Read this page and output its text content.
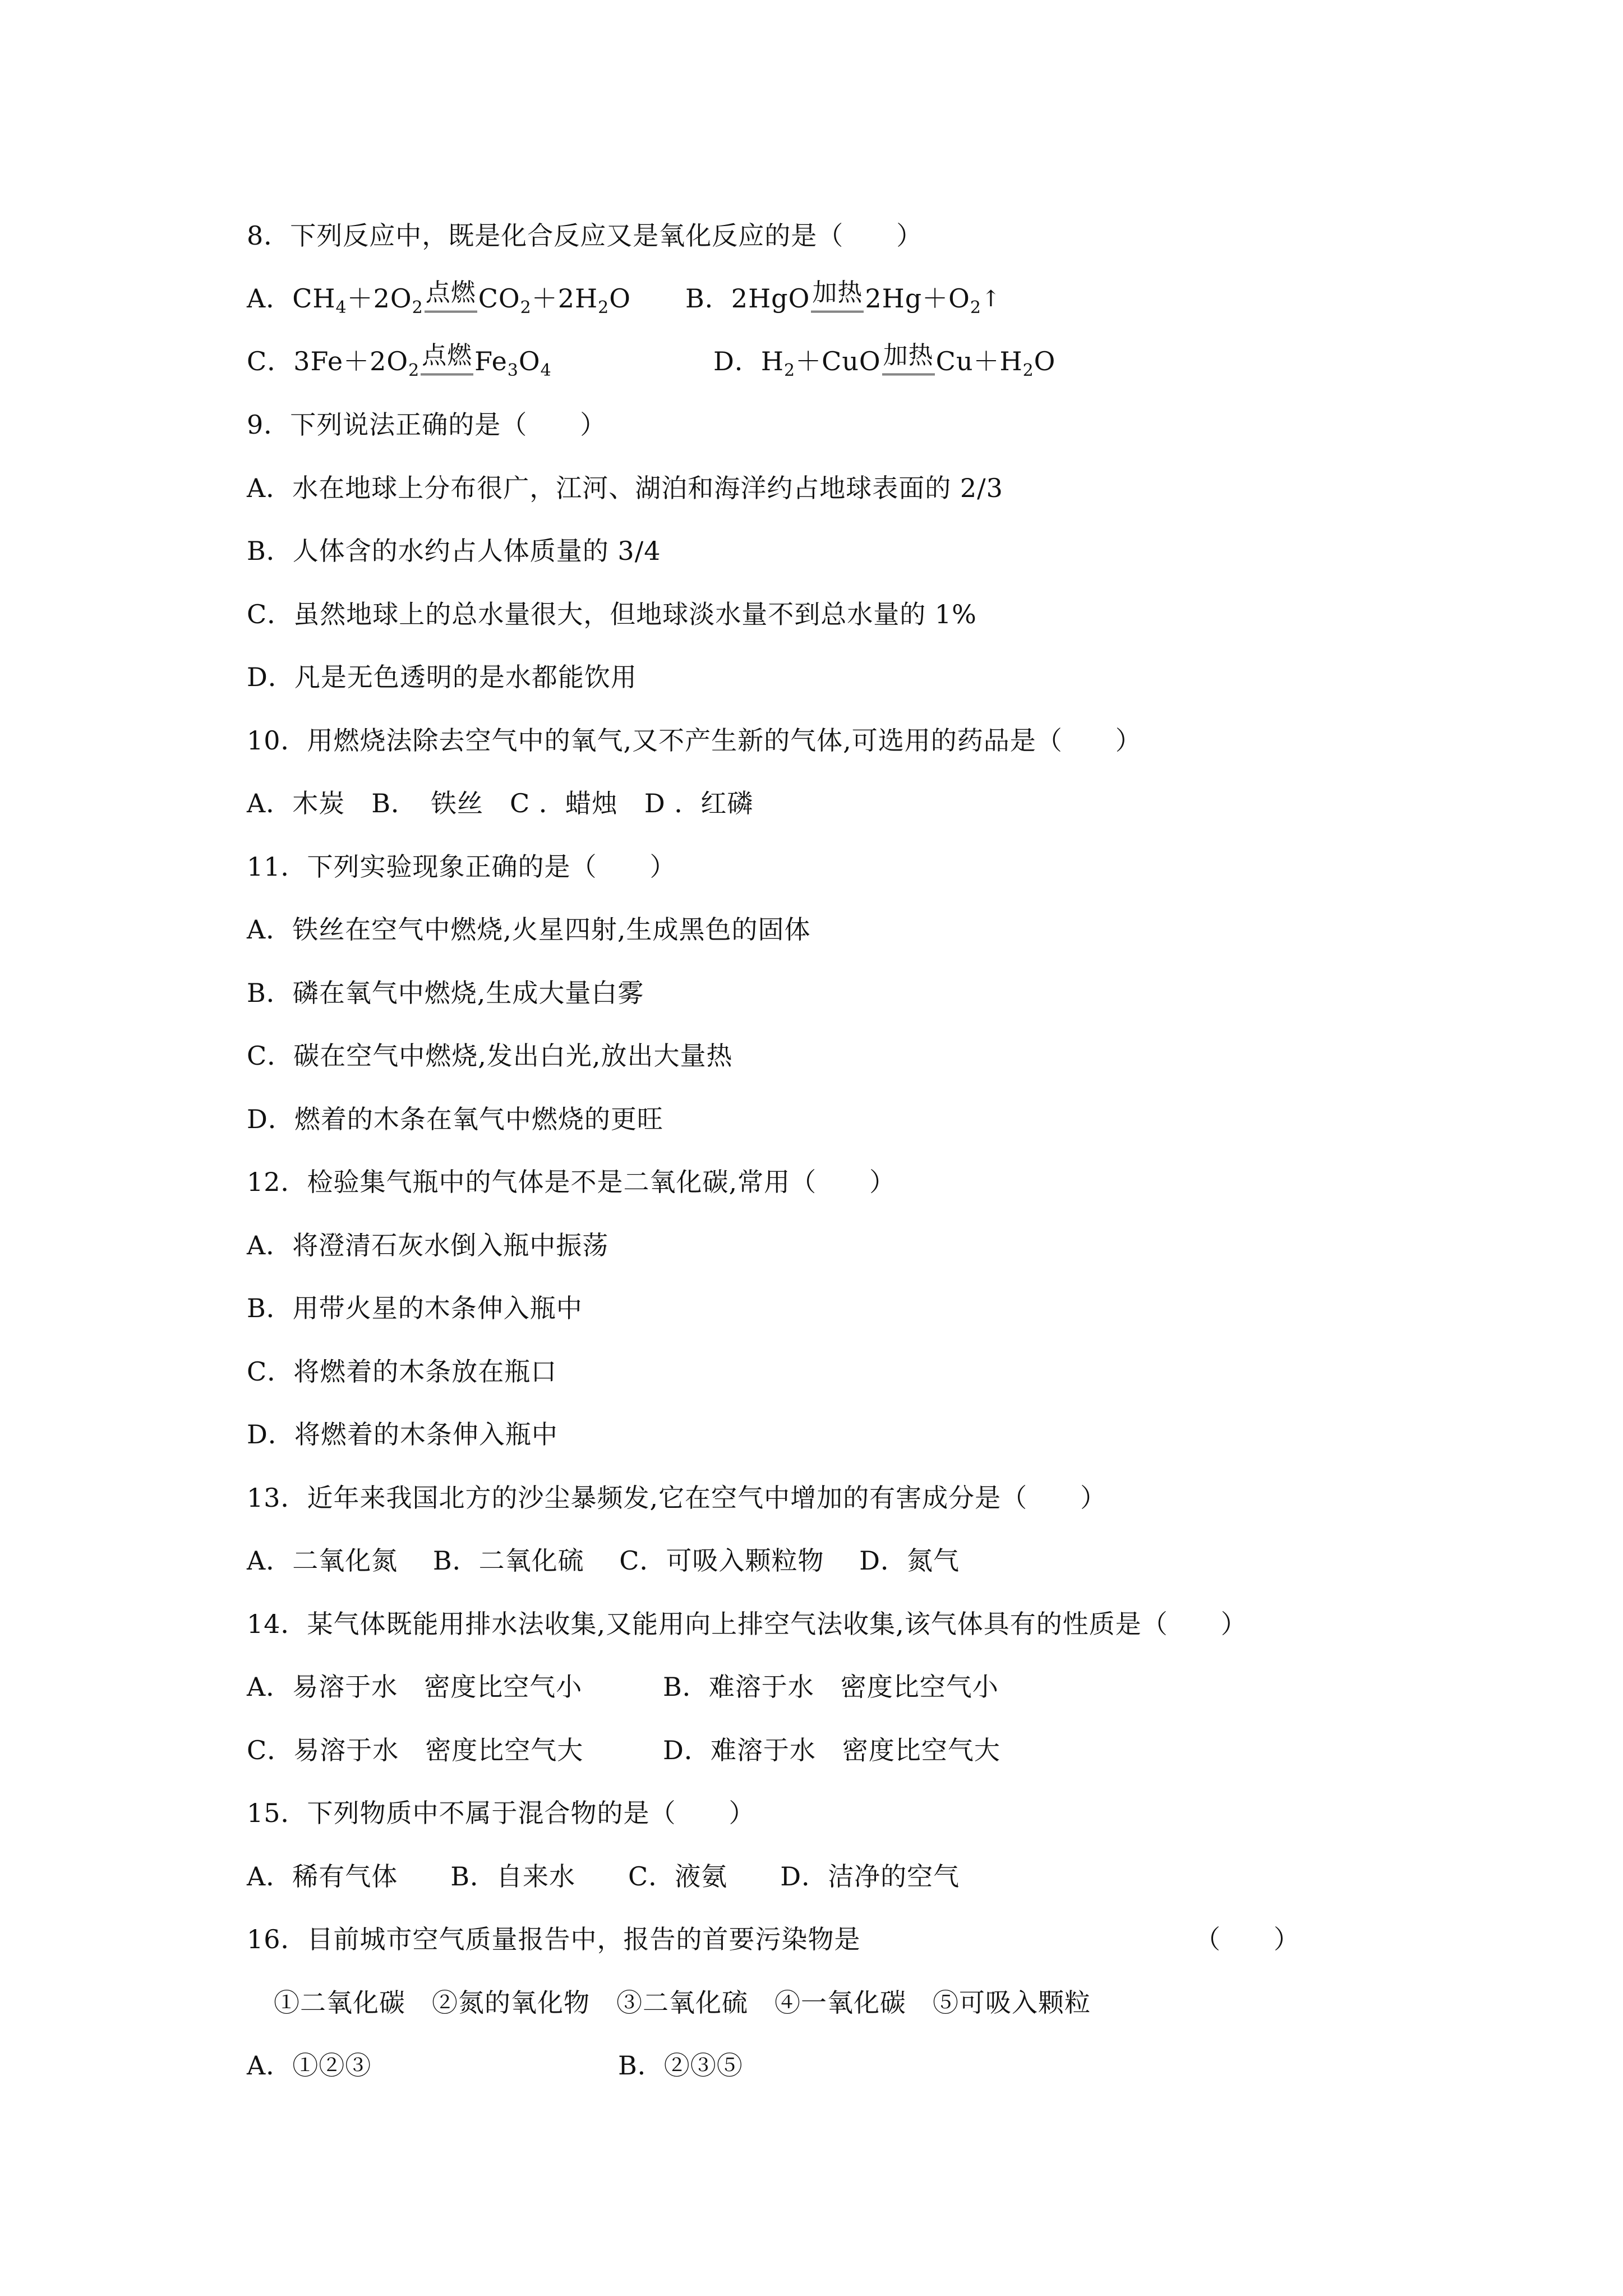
8．下列反应中，既是化合反应又是氧化反应的是（　　）
A．$CH_4+2O_2$点燃$CO_2+2H_2O$ B．2HgO加热$2Hg+O_2↑$
C．$3Fe+2O_2$点燃$Fe_3O_4$	D．$H_2+CuO$加热$Cu+H_2O$
9．下列说法正确的是（　　）
A．水在地球上分布很广，江河、湖泊和海洋约占地球表面的 2/3
B．人体含的水约占人体质量的 3/4
C．虽然地球上的总水量很大，但地球淡水量不到总水量的 1%
D．凡是无色透明的是水都能饮用
10．用燃烧法除去空气中的氧气,又不产生新的气体,可选用的药品是（　　）
A．木炭　B．　铁丝　C ．蜡烛　D ．红磷
11．下列实验现象正确的是（　　）
A．铁丝在空气中燃烧,火星四射,生成黑色的固体
B．磷在氧气中燃烧,生成大量白雾
C．碳在空气中燃烧,发出白光,放出大量热
D．燃着的木条在氧气中燃烧的更旺
12．检验集气瓶中的气体是不是二氧化碳,常用（　　）
A．将澄清石灰水倒入瓶中振荡
B．用带火星的木条伸入瓶中
C．将燃着的木条放在瓶口
D．将燃着的木条伸入瓶中
13．近年来我国北方的沙尘暴频发,它在空气中增加的有害成分是（　　）
A．二氧化氮　 B．二氧化硫　 C．可吸入颗粒物　 D．氮气
14．某气体既能用排水法收集,又能用向上排空气法收集,该气体具有的性质是（　　）
A．易溶于水　密度比空气小	B．难溶于水　密度比空气小
C．易溶于水　密度比空气大	D．难溶于水　密度比空气大
15．下列物质中不属于混合物的是（　　）
A．稀有气体　　B．自来水　　C．液氨　　D．洁净的空气
16．目前城市空气质量报告中，报告的首要污染物是	（　　）
①二氧化碳　②氮的氧化物　③二氧化硫　④一氧化碳　⑤可吸入颗粒
A．①②③	B．②③⑤
